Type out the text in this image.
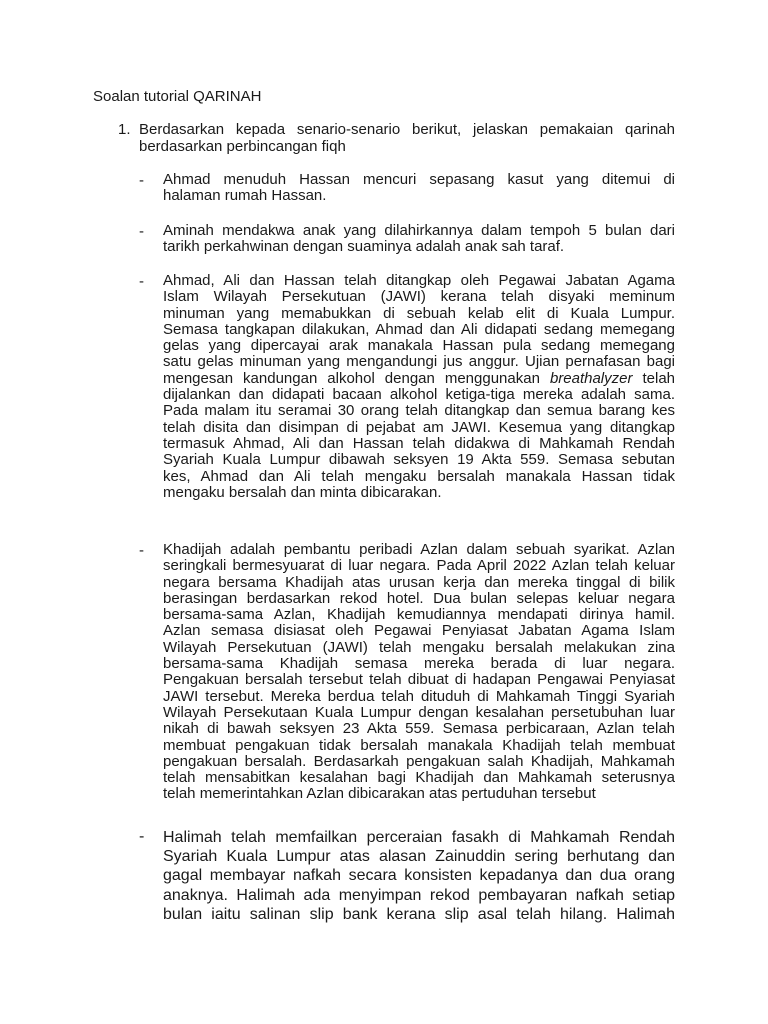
Soalan tutorial QARINAH
1. Berdasarkan kepada senario-senario berikut, jelaskan pemakaian qarinah berdasarkan perbincangan fiqh
- Ahmad menuduh Hassan mencuri sepasang kasut yang ditemui di
halaman rumah Hassan.
- Aminah mendakwa anak yang dilahirkannya dalam tempoh 5 bulan dari
tarikh perkahwinan dengan suaminya adalah anak sah taraf.
- Ahmad, Ali dan Hassan telah ditangkap oleh Pegawai Jabatan Agama
Islam Wilayah Persekutuan (JAWI) kerana telah disyaki meminum
minuman yang memabukkan di sebuah kelab elit di Kuala Lumpur.
Semasa tangkapan dilakukan, Ahmad dan Ali didapati sedang memegang
gelas yang dipercayai arak manakala Hassan pula sedang memegang
satu gelas minuman yang mengandungi jus anggur. Ujian pernafasan bagi
mengesan kandungan alkohol dengan menggunakan breathalyzer telah
dijalankan dan didapati bacaan alkohol ketiga-tiga mereka adalah sama.
Pada malam itu seramai 30 orang telah ditangkap dan semua barang kes
telah disita dan disimpan di pejabat am JAWI. Kesemua yang ditangkap
termasuk Ahmad, Ali dan Hassan telah didakwa di Mahkamah Rendah
Syariah Kuala Lumpur dibawah seksyen 19 Akta 559. Semasa sebutan
kes, Ahmad dan Ali telah mengaku bersalah manakala Hassan tidak
mengaku bersalah dan minta dibicarakan.
- Khadijah adalah pembantu peribadi Azlan dalam sebuah syarikat. Azlan
seringkali bermesyuarat di luar negara. Pada April 2022 Azlan telah keluar
negara bersama Khadijah atas urusan kerja dan mereka tinggal di bilik
berasingan berdasarkan rekod hotel. Dua bulan selepas keluar negara
bersama-sama Azlan, Khadijah kemudiannya mendapati dirinya hamil.
Azlan semasa disiasat oleh Pegawai Penyiasat Jabatan Agama Islam
Wilayah Persekutuan (JAWI) telah mengaku bersalah melakukan zina
bersama-sama Khadijah semasa mereka berada di luar negara.
Pengakuan bersalah tersebut telah dibuat di hadapan Pengawai Penyiasat
JAWI tersebut. Mereka berdua telah dituduh di Mahkamah Tinggi Syariah
Wilayah Persekutaan Kuala Lumpur dengan kesalahan persetubuhan luar
nikah di bawah seksyen 23 Akta 559. Semasa perbicaraan, Azlan telah
membuat pengakuan tidak bersalah manakala Khadijah telah membuat
pengakuan bersalah. Berdasarkah pengakuan salah Khadijah, Mahkamah
telah mensabitkan kesalahan bagi Khadijah dan Mahkamah seterusnya
telah memerintahkan Azlan dibicarakan atas pertuduhan tersebut
- Halimah telah memfailkan perceraian fasakh di Mahkamah Rendah
Syariah Kuala Lumpur atas alasan Zainuddin sering berhutang dan
gagal membayar nafkah secara konsisten kepadanya dan dua orang
anaknya. Halimah ada menyimpan rekod pembayaran nafkah setiap
bulan iaitu salinan slip bank kerana slip asal telah hilang. Halimah
